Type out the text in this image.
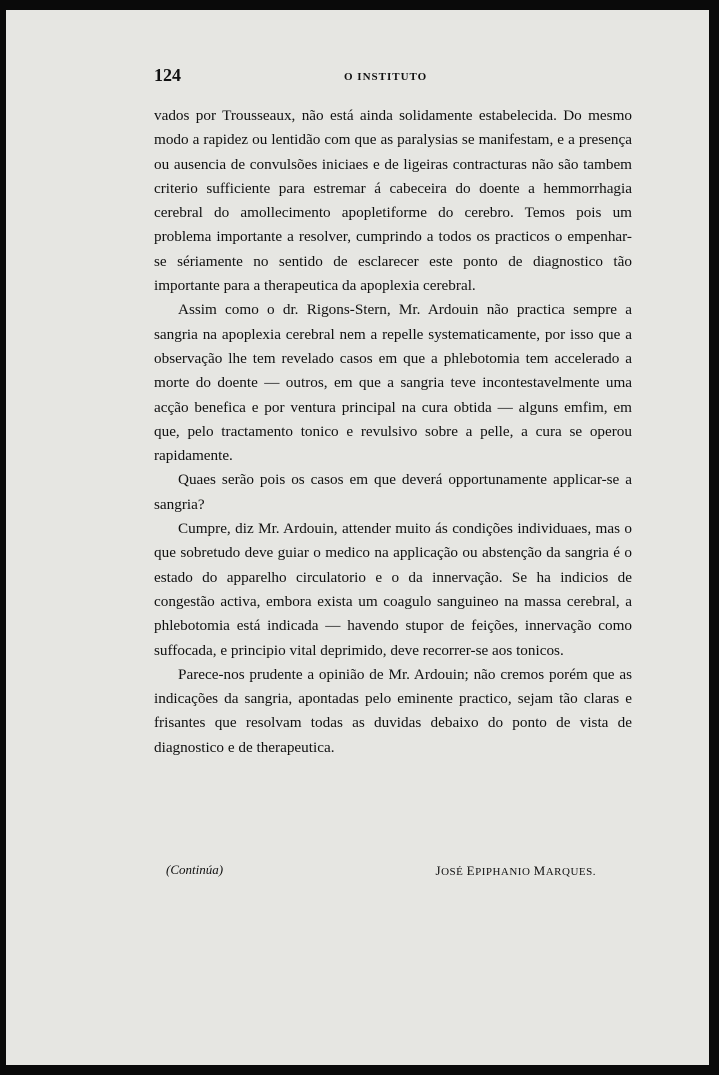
124	O INSTITUTO

vados por Trousseaux, não está ainda solidamente estabelecida. Do mesmo modo a rapidez ou lentidão com que as paralysias se manifestam, e a presença ou ausencia de convulsões iniciaes e de ligeiras contracturas não são tambem criterio sufficiente para estremar á cabeceira do doente a hemmorrhagia cerebral do amollecimento apopletiforme do cerebro. Temos pois um problema importante a resolver, cumprindo a todos os practicos o empenhar-se sériamente no sentido de esclarecer este ponto de diagnostico tão importante para a therapeutica da apoplexia cerebral.

Assim como o dr. Rigons-Stern, Mr. Ardouin não practica sempre a sangria na apoplexia cerebral nem a repelle systematicamente, por isso que a observação lhe tem revelado casos em que a phlebotomia tem accelerado a morte do doente — outros, em que a sangria teve incontestavelmente uma acção benefica e por ventura principal na cura obtida — alguns emfim, em que, pelo tractamento tonico e revulsivo sobre a pelle, a cura se operou rapidamente.

Quaes serão pois os casos em que deverá opportunamente applicar-se a sangria?

Cumpre, diz Mr. Ardouin, attender muito ás condições individuaes, mas o que sobretudo deve guiar o medico na applicação ou abstenção da sangria é o estado do apparelho circulatorio e o da innervação. Se ha indicios de congestão activa, embora exista um coagulo sanguineo na massa cerebral, a phlebotomia está indicada — havendo stupor de feições, innervação como suffocada, e principio vital deprimido, deve recorrer-se aos tonicos.

Parece-nos prudente a opinião de Mr. Ardouin; não cremos porém que as indicações da sangria, apontadas pelo eminente practico, sejam tão claras e frisantes que resolvam todas as duvidas debaixo do ponto de vista de diagnostico e de therapeutica.

(Continúa)	JOSÉ EPIPHANIO MARQUES.
